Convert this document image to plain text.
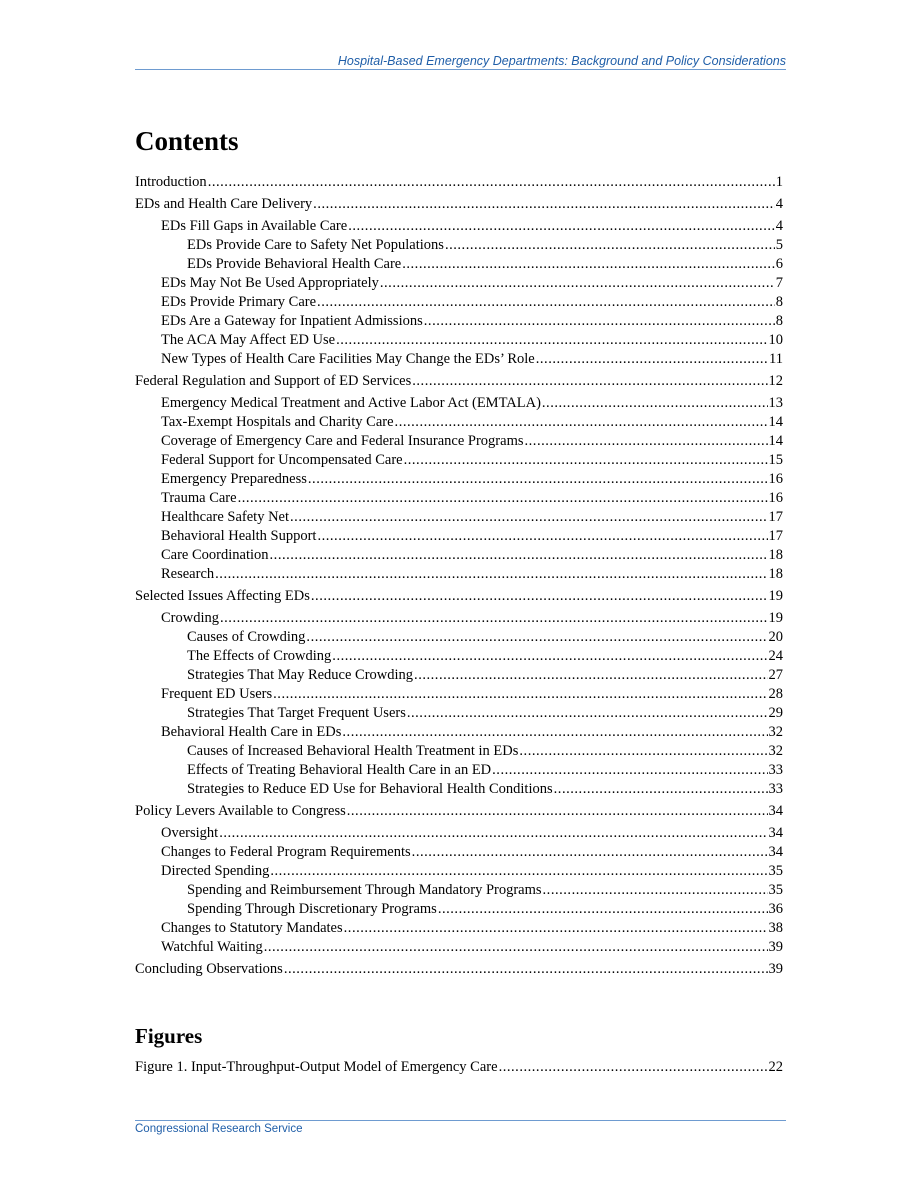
Hospital-Based Emergency Departments: Background and Policy Considerations
Contents
Introduction . . .	1
EDs and Health Care Delivery . . .	4
EDs Fill Gaps in Available Care . . .	4
EDs Provide Care to Safety Net Populations . . .	5
EDs Provide Behavioral Health Care . . .	6
EDs May Not Be Used Appropriately . . .	7
EDs Provide Primary Care . . .	8
EDs Are a Gateway for Inpatient Admissions . . .	8
The ACA May Affect ED Use . . .	10
New Types of Health Care Facilities May Change the EDs’ Role . . .	11
Federal Regulation and Support of ED Services . . .	12
Emergency Medical Treatment and Active Labor Act (EMTALA) . . .	13
Tax-Exempt Hospitals and Charity Care . . .	14
Coverage of Emergency Care and Federal Insurance Programs . . .	14
Federal Support for Uncompensated Care . . .	15
Emergency Preparedness . . .	16
Trauma Care . . .	16
Healthcare Safety Net . . .	17
Behavioral Health Support . . .	17
Care Coordination . . .	18
Research . . .	18
Selected Issues Affecting EDs . . .	19
Crowding . . .	19
Causes of Crowding . . .	20
The Effects of Crowding . . .	24
Strategies That May Reduce Crowding . . .	27
Frequent ED Users . . .	28
Strategies That Target Frequent Users . . .	29
Behavioral Health Care in EDs . . .	32
Causes of Increased Behavioral Health Treatment in EDs . . .	32
Effects of Treating Behavioral Health Care in an ED . . .	33
Strategies to Reduce ED Use for Behavioral Health Conditions . . .	33
Policy Levers Available to Congress . . .	34
Oversight . . .	34
Changes to Federal Program Requirements . . .	34
Directed Spending . . .	35
Spending and Reimbursement Through Mandatory Programs . . .	35
Spending Through Discretionary Programs . . .	36
Changes to Statutory Mandates . . .	38
Watchful Waiting . . .	39
Concluding Observations . . .	39
Figures
Figure 1. Input-Throughput-Output Model of Emergency Care . . .	22
Congressional Research Service
